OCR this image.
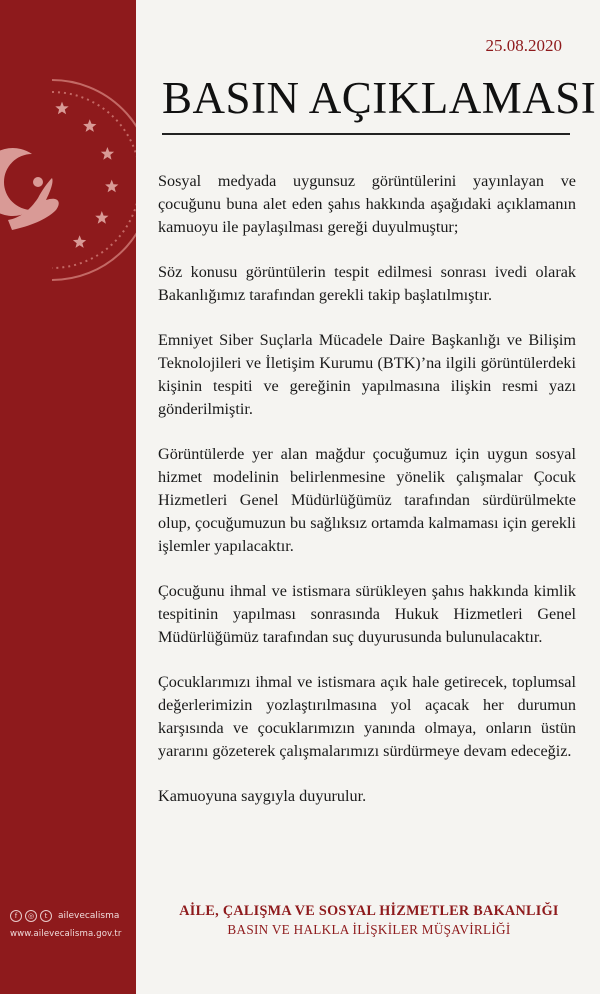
f	◎	t	ailevecalisma
www.ailevecalisma.gov.tr
25.08.2020
BASIN AÇIKLAMASI

Sosyal medyada uygunsuz görüntülerini yayınlayan ve çocuğunu buna alet eden şahıs hakkında aşağıdaki açıklamanın kamuoyu ile paylaşılması gereği duyulmuştur;

Söz konusu görüntülerin tespit edilmesi sonrası ivedi olarak Bakanlığımız tarafından gerekli takip başlatılmıştır.

Emniyet Siber Suçlarla Mücadele Daire Başkanlığı ve Bilişim Teknolojileri ve İletişim Kurumu (BTK)’na ilgili görüntülerdeki kişinin tespiti ve gereğinin yapılmasına ilişkin resmi yazı gönderilmiştir.

Görüntülerde yer alan mağdur çocuğumuz için uygun sosyal hizmet modelinin belirlenmesine yönelik çalışmalar Çocuk Hizmetleri Genel Müdürlüğümüz tarafından sürdürülmekte olup, çocuğumuzun bu sağlıksız ortamda kalmaması için gerekli işlemler yapılacaktır.

Çocuğunu ihmal ve istismara sürükleyen şahıs hakkında kimlik tespitinin yapılması sonrasında Hukuk Hizmetleri Genel Müdürlüğümüz tarafından suç duyurusunda bulunulacaktır.

Çocuklarımızı ihmal ve istismara açık hale getirecek, toplumsal değerlerimizin yozlaştırılmasına yol açacak her durumun karşısında ve çocuklarımızın yanında olmaya, onların üstün yararını gözeterek çalışmalarımızı sürdürmeye devam edeceğiz.

Kamuoyuna saygıyla duyurulur.

AİLE, ÇALIŞMA VE SOSYAL HİZMETLER BAKANLIĞI
BASIN VE HALKLA İLİŞKİLER MÜŞAVİRLİĞİ
